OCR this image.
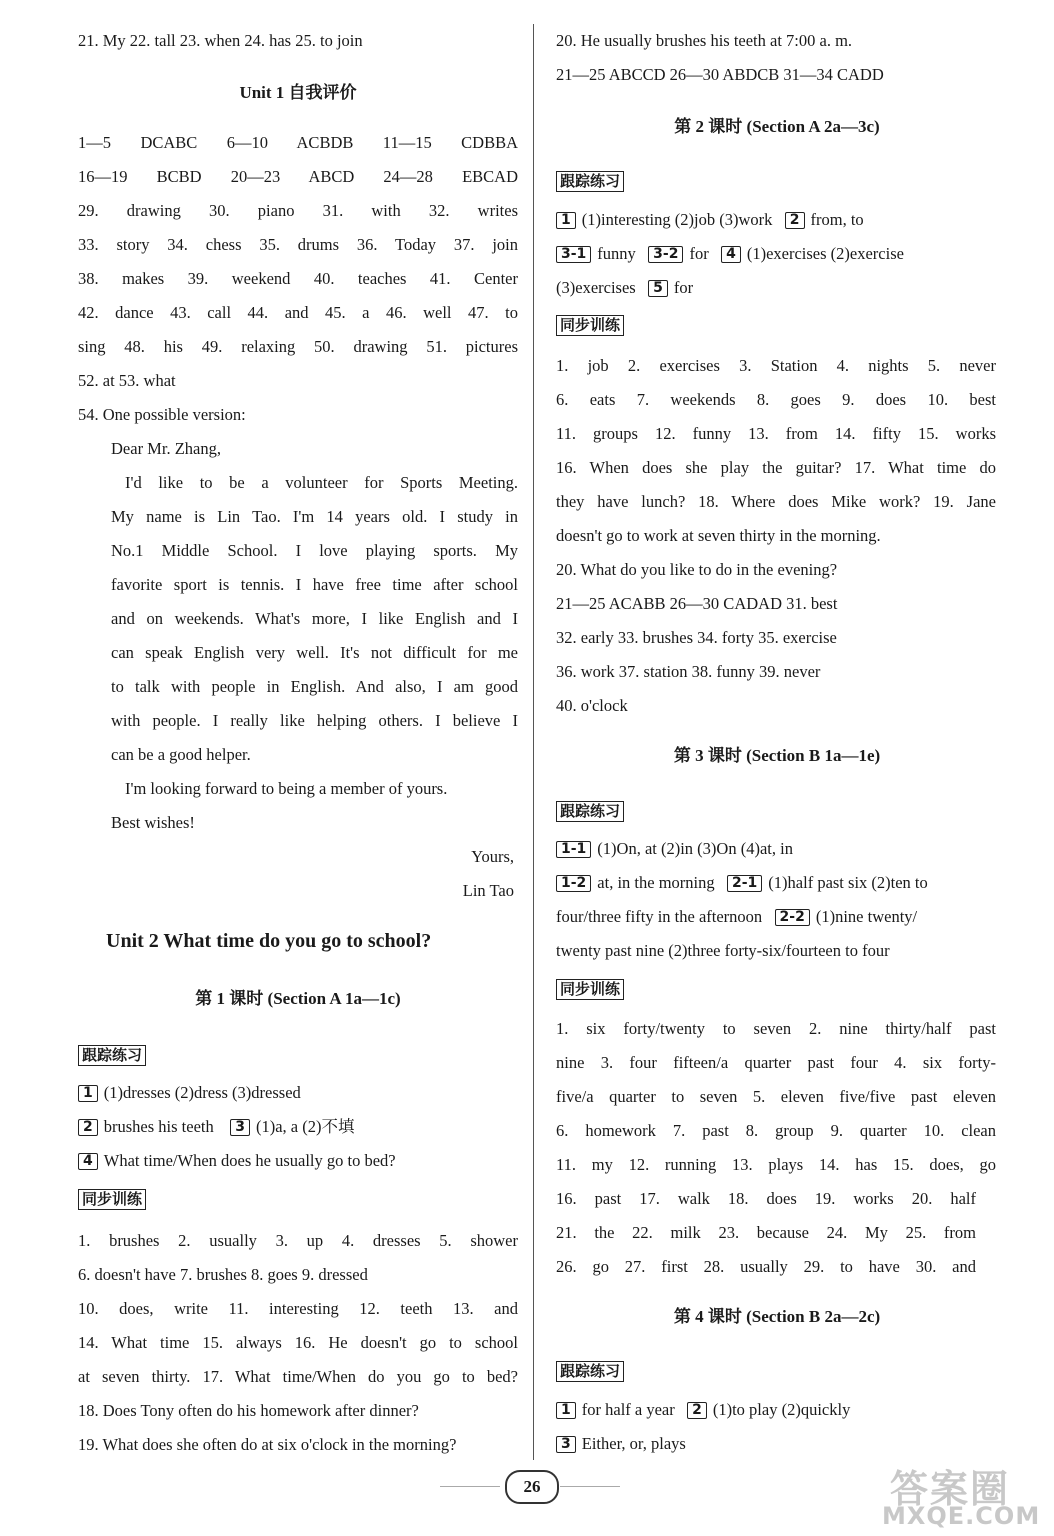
21. My 22. tall 23. when 24. has 25. to join
Unit 1 自我评价
1—5 DCABC 6—10 ACBDB 11—15 CDBBA
16—19 BCBD 20—23 ABCD 24—28 EBCAD
29. drawing 30. piano 31. with 32. writes
33. story 34. chess 35. drums 36. Today 37. join
38. makes 39. weekend 40. teaches 41. Center
42. dance 43. call 44. and 45. a 46. well 47. to
sing 48. his 49. relaxing 50. drawing 51. pictures
52. at 53. what
54. One possible version:
Dear Mr. Zhang,
I'd like to be a volunteer for Sports Meeting.
My name is Lin Tao. I'm 14 years old. I study in
No.1 Middle School. I love playing sports. My
favorite sport is tennis. I have free time after school
and on weekends. What's more, I like English and I
can speak English very well. It's not difficult for me
to talk with people in English. And also, I am good
with people. I really like helping others. I believe I
can be a good helper.
I'm looking forward to being a member of yours.
Best wishes!
Yours,
Lin Tao
Unit 2 What time do you go to school?
第 1 课时 (Section A 1a—1c)
跟踪练习
1 (1)dresses (2)dress (3)dressed
2 brushes his teeth 3 (1)a, a (2)不填
4 What time/When does he usually go to bed?
同步训练
1. brushes 2. usually 3. up 4. dresses 5. shower
6. doesn't have 7. brushes 8. goes 9. dressed
10. does, write 11. interesting 12. teeth 13. and
14. What time 15. always 16. He doesn't go to school
at seven thirty. 17. What time/When do you go to bed?
18. Does Tony often do his homework after dinner?
19. What does she often do at six o'clock in the morning?
20. He usually brushes his teeth at 7:00 a. m.
21—25 ABCCD 26—30 ABDCB 31—34 CADD
第 2 课时 (Section A 2a—3c)
跟踪练习
1 (1)interesting (2)job (3)work 2 from, to
3-1 funny 3-2 for 4 (1)exercises (2)exercise
(3)exercises 5 for
同步训练
1. job 2. exercises 3. Station 4. nights 5. never
6. eats 7. weekends 8. goes 9. does 10. best
11. groups 12. funny 13. from 14. fifty 15. works
16. When does she play the guitar? 17. What time do
they have lunch? 18. Where does Mike work? 19. Jane
doesn't go to work at seven thirty in the morning.
20. What do you like to do in the evening?
21—25 ACABB 26—30 CADAD 31. best
32. early 33. brushes 34. forty 35. exercise
36. work 37. station 38. funny 39. never
40. o'clock
第 3 课时 (Section B 1a—1e)
跟踪练习
1-1 (1)On, at (2)in (3)On (4)at, in
1-2 at, in the morning 2-1 (1)half past six (2)ten to
four/three fifty in the afternoon 2-2 (1)nine twenty/
twenty past nine (2)three forty-six/fourteen to four
同步训练
1. six forty/twenty to seven 2. nine thirty/half past
nine 3. four fifteen/a quarter past four 4. six forty-
five/a quarter to seven 5. eleven five/five past eleven
6. homework 7. past 8. group 9. quarter 10. clean
11. my 12. running 13. plays 14. has 15. does, go
16. past 17. walk 18. does 19. works 20. half
21. the 22. milk 23. because 24. My 25. from
26. go 27. first 28. usually 29. to have 30. and
第 4 课时 (Section B 2a—2c)
跟踪练习
1 for half a year 2 (1)to play (2)quickly
3 Either, or, plays
26	答案圈
MXQE.COM
